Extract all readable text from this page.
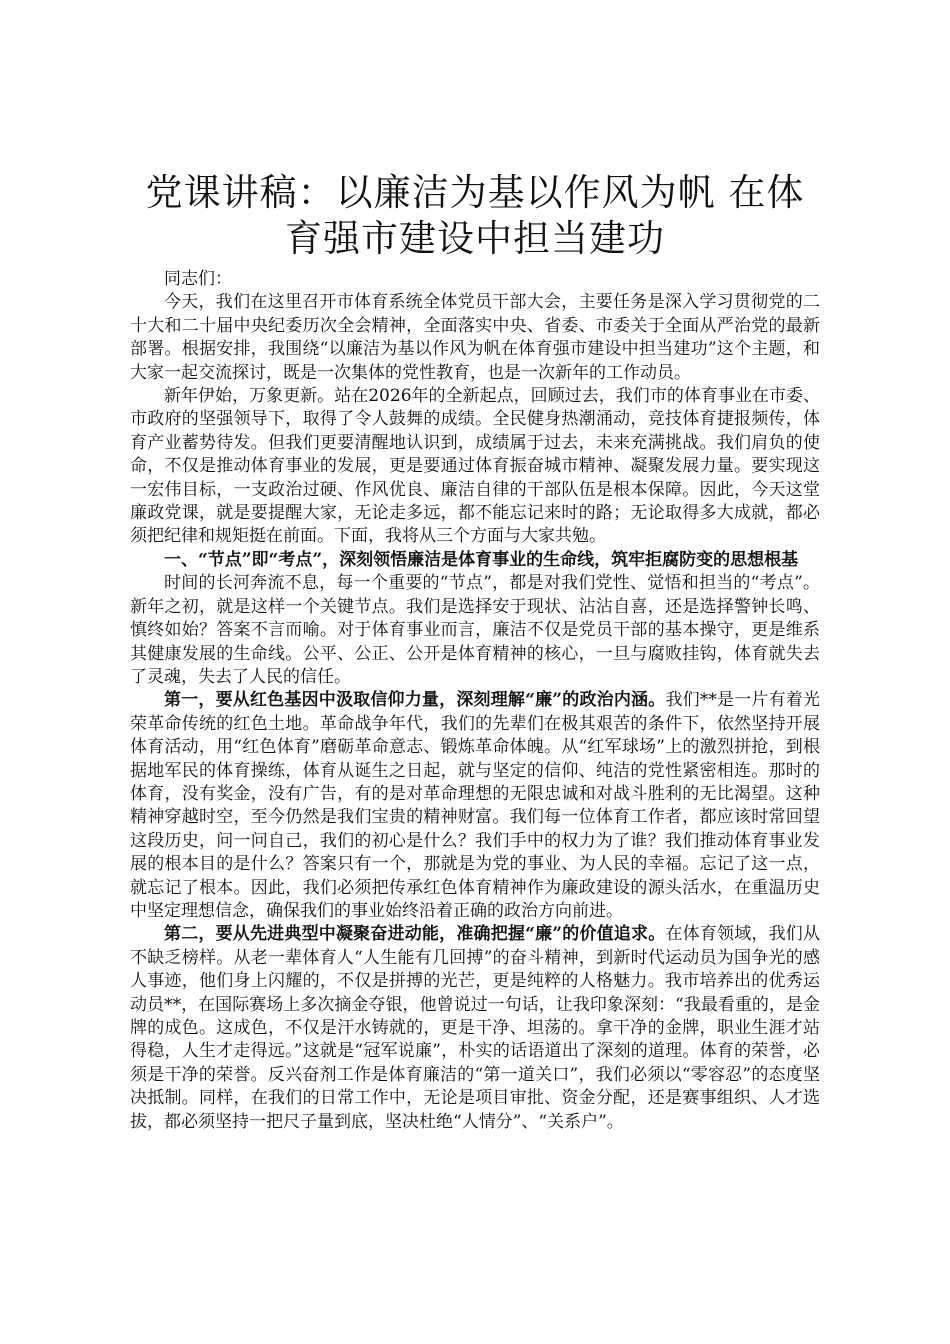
党课讲稿：以廉洁为基以作风为帆 在体育强市建设中担当建功

同志们：

今天，我们在这里召开市体育系统全体党员干部大会，主要任务是深入学习贯彻党的二十大和二十届中央纪委历次全会精神，全面落实中央、省委、市委关于全面从严治党的最新部署。根据安排，我围绕“以廉洁为基以作风为帆在体育强市建设中担当建功”这个主题，和大家一起交流探讨，既是一次集体的党性教育，也是一次新年的工作动员。

新年伊始，万象更新。站在2026年的全新起点，回顾过去，我们市的体育事业在市委、市政府的坚强领导下，取得了令人鼓舞的成绩。全民健身热潮涌动，竞技体育捷报频传，体育产业蓄势待发。但我们更要清醒地认识到，成绩属于过去，未来充满挑战。我们肩负的使命，不仅是推动体育事业的发展，更是要通过体育振奋城市精神、凝聚发展力量。要实现这一宏伟目标，一支政治过硬、作风优良、廉洁自律的干部队伍是根本保障。因此，今天这堂廉政党课，就是要提醒大家，无论走多远，都不能忘记来时的路；无论取得多大成就，都必须把纪律和规矩挺在前面。下面，我将从三个方面与大家共勉。

一、“节点”即“考点”，深刻领悟廉洁是体育事业的生命线，筑牢拒腐防变的思想根基

时间的长河奔流不息，每一个重要的“节点”，都是对我们党性、觉悟和担当的“考点”。新年之初，就是这样一个关键节点。我们是选择安于现状、沾沾自喜，还是选择警钟长鸣、慎终如始？答案不言而喻。对于体育事业而言，廉洁不仅是党员干部的基本操守，更是维系其健康发展的生命线。公平、公正、公开是体育精神的核心，一旦与腐败挂钩，体育就失去了灵魂，失去了人民的信任。

第一，要从红色基因中汲取信仰力量，深刻理解“廉”的政治内涵。我们**是一片有着光荣革命传统的红色土地。革命战争年代，我们的先辈们在极其艰苦的条件下，依然坚持开展体育活动，用“红色体育”磨砺革命意志、锻炼革命体魄。从“红军球场”上的激烈拼抢，到根据地军民的体育操练，体育从诞生之日起，就与坚定的信仰、纯洁的党性紧密相连。那时的体育，没有奖金，没有广告，有的是对革命理想的无限忠诚和对战斗胜利的无比渴望。这种精神穿越时空，至今仍然是我们宝贵的精神财富。我们每一位体育工作者，都应该时常回望这段历史，问一问自己，我们的初心是什么？我们手中的权力为了谁？我们推动体育事业发展的根本目的是什么？答案只有一个，那就是为党的事业、为人民的幸福。忘记了这一点，就忘记了根本。因此，我们必须把传承红色体育精神作为廉政建设的源头活水，在重温历史中坚定理想信念，确保我们的事业始终沿着正确的政治方向前进。

第二，要从先进典型中凝聚奋进动能，准确把握“廉”的价值追求。在体育领域，我们从不缺乏榜样。从老一辈体育人“人生能有几回搏”的奋斗精神，到新时代运动员为国争光的感人事迹，他们身上闪耀的，不仅是拼搏的光芒，更是纯粹的人格魅力。我市培养出的优秀运动员**，在国际赛场上多次摘金夺银，他曾说过一句话，让我印象深刻：“我最看重的，是金牌的成色。这成色，不仅是汗水铸就的，更是干净、坦荡的。拿干净的金牌，职业生涯才站得稳，人生才走得远。”这就是“冠军说廉”，朴实的话语道出了深刻的道理。体育的荣誉，必须是干净的荣誉。反兴奋剂工作是体育廉洁的“第一道关口”，我们必须以“零容忍”的态度坚决抵制。同样，在我们的日常工作中，无论是项目审批、资金分配，还是赛事组织、人才选拔，都必须坚持一把尺子量到底，坚决杜绝“人情分”、“关系户”。
